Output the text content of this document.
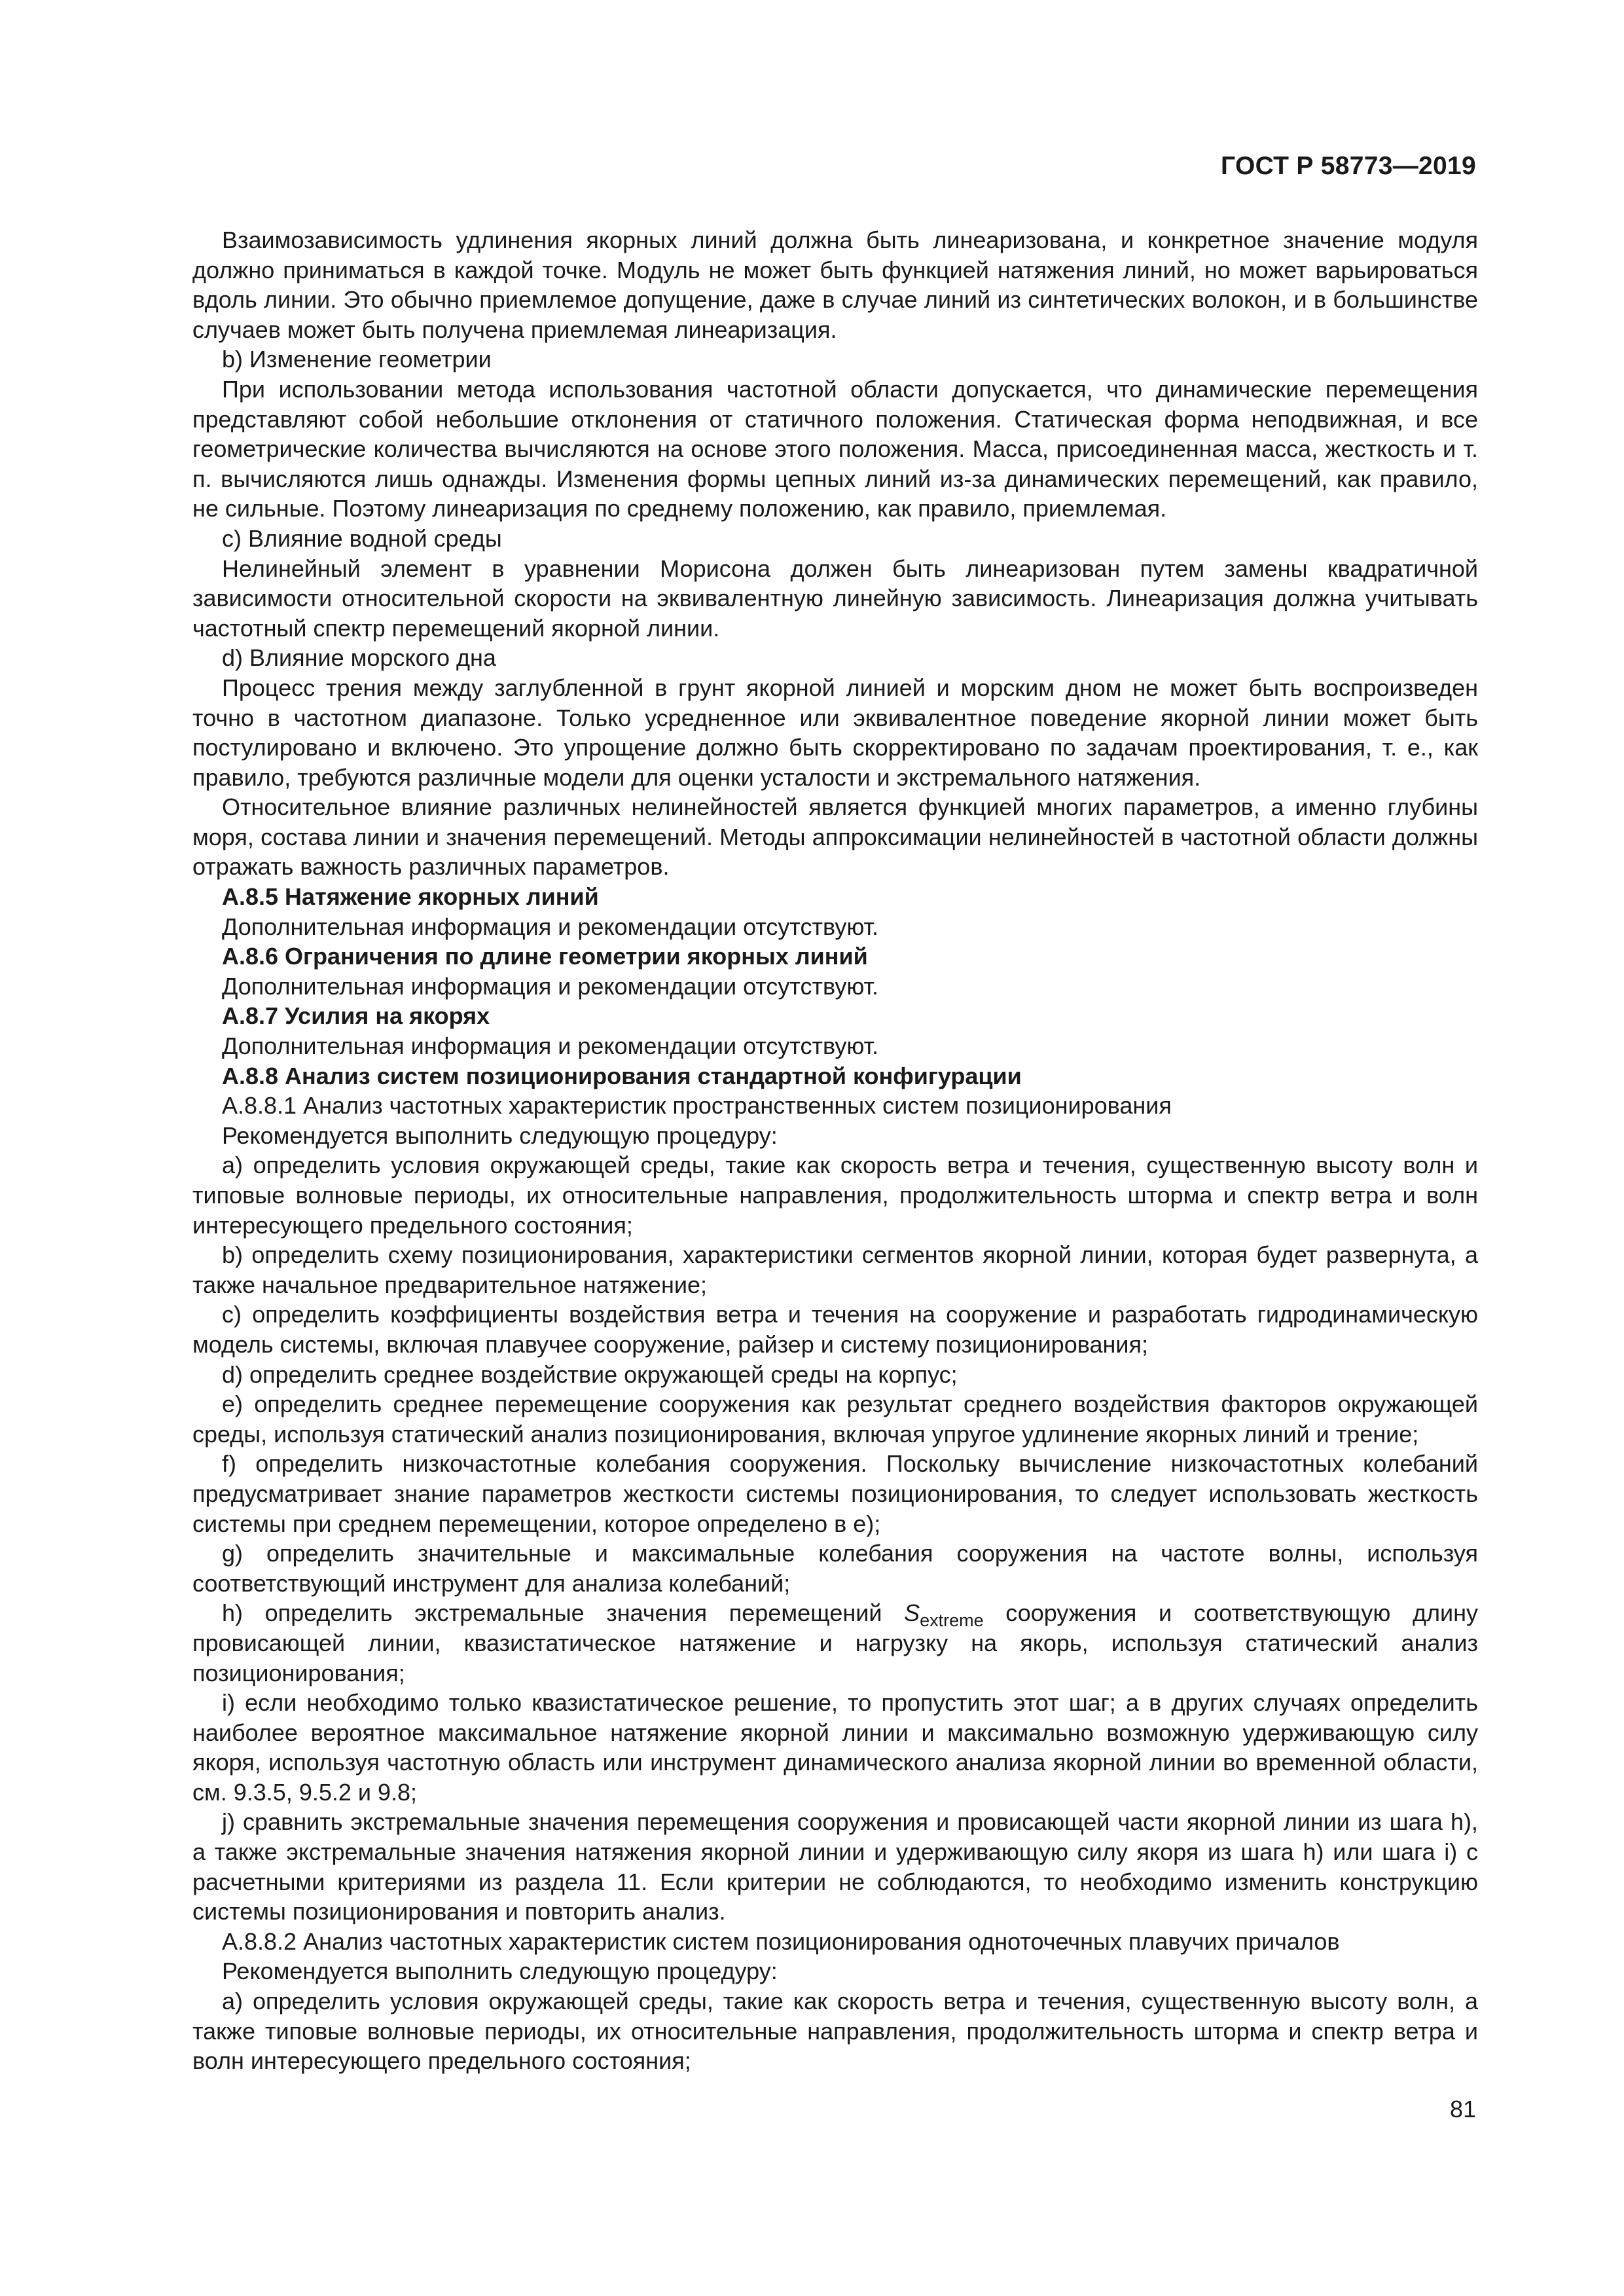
ГОСТ Р 58773—2019

Взаимозависимость удлинения якорных линий должна быть линеаризована, и конкретное значение модуля должно приниматься в каждой точке. Модуль не может быть функцией натяжения линий, но может варьироваться вдоль линии. Это обычно приемлемое допущение, даже в случае линий из синтетических волокон, и в большинстве случаев может быть получена приемлемая линеаризация.

b) Изменение геометрии

При использовании метода использования частотной области допускается, что динамические перемещения представляют собой небольшие отклонения от статичного положения. Статическая форма неподвижная, и все геометрические количества вычисляются на основе этого положения. Масса, присоединенная масса, жесткость и т. п. вычисляются лишь однажды. Изменения формы цепных линий из-за динамических перемещений, как правило, не сильные. Поэтому линеаризация по среднему положению, как правило, приемлемая.

c) Влияние водной среды

Нелинейный элемент в уравнении Морисона должен быть линеаризован путем замены квадратичной зависимости относительной скорости на эквивалентную линейную зависимость. Линеаризация должна учитывать частотный спектр перемещений якорной линии.

d) Влияние морского дна

Процесс трения между заглубленной в грунт якорной линией и морским дном не может быть воспроизведен точно в частотном диапазоне. Только усредненное или эквивалентное поведение якорной линии может быть постулировано и включено. Это упрощение должно быть скорректировано по задачам проектирования, т. е., как правило, требуются различные модели для оценки усталости и экстремального натяжения.

Относительное влияние различных нелинейностей является функцией многих параметров, а именно глубины моря, состава линии и значения перемещений. Методы аппроксимации нелинейностей в частотной области должны отражать важность различных параметров.

А.8.5 Натяжение якорных линий

Дополнительная информация и рекомендации отсутствуют.

А.8.6 Ограничения по длине геометрии якорных линий

Дополнительная информация и рекомендации отсутствуют.

А.8.7 Усилия на якорях

Дополнительная информация и рекомендации отсутствуют.

А.8.8 Анализ систем позиционирования стандартной конфигурации

А.8.8.1 Анализ частотных характеристик пространственных систем позиционирования

Рекомендуется выполнить следующую процедуру:

а) определить условия окружающей среды, такие как скорость ветра и течения, существенную высоту волн и типовые волновые периоды, их относительные направления, продолжительность шторма и спектр ветра и волн интересующего предельного состояния;

b) определить схему позиционирования, характеристики сегментов якорной линии, которая будет развернута, а также начальное предварительное натяжение;

c) определить коэффициенты воздействия ветра и течения на сооружение и разработать гидродинамическую модель системы, включая плавучее сооружение, райзер и систему позиционирования;

d) определить среднее воздействие окружающей среды на корпус;

e) определить среднее перемещение сооружения как результат среднего воздействия факторов окружающей среды, используя статический анализ позиционирования, включая упругое удлинение якорных линий и трение;

f) определить низкочастотные колебания сооружения. Поскольку вычисление низкочастотных колебаний предусматривает знание параметров жесткости системы позиционирования, то следует использовать жесткость системы при среднем перемещении, которое определено в e);

g) определить значительные и максимальные колебания сооружения на частоте волны, используя соответствующий инструмент для анализа колебаний;

h) определить экстремальные значения перемещений $S_{extreme}$ сооружения и соответствующую длину провисающей линии, квазистатическое натяжение и нагрузку на якорь, используя статический анализ позиционирования;

i) если необходимо только квазистатическое решение, то пропустить этот шаг; а в других случаях определить наиболее вероятное максимальное натяжение якорной линии и максимально возможную удерживающую силу якоря, используя частотную область или инструмент динамического анализа якорной линии во временной области, см. 9.3.5, 9.5.2 и 9.8;

j) сравнить экстремальные значения перемещения сооружения и провисающей части якорной линии из шага h), а также экстремальные значения натяжения якорной линии и удерживающую силу якоря из шага h) или шага i) с расчетными критериями из раздела 11. Если критерии не соблюдаются, то необходимо изменить конструкцию системы позиционирования и повторить анализ.

А.8.8.2 Анализ частотных характеристик систем позиционирования одноточечных плавучих причалов

Рекомендуется выполнить следующую процедуру:

а) определить условия окружающей среды, такие как скорость ветра и течения, существенную высоту волн, а также типовые волновые периоды, их относительные направления, продолжительность шторма и спектр ветра и волн интересующего предельного состояния;

81
